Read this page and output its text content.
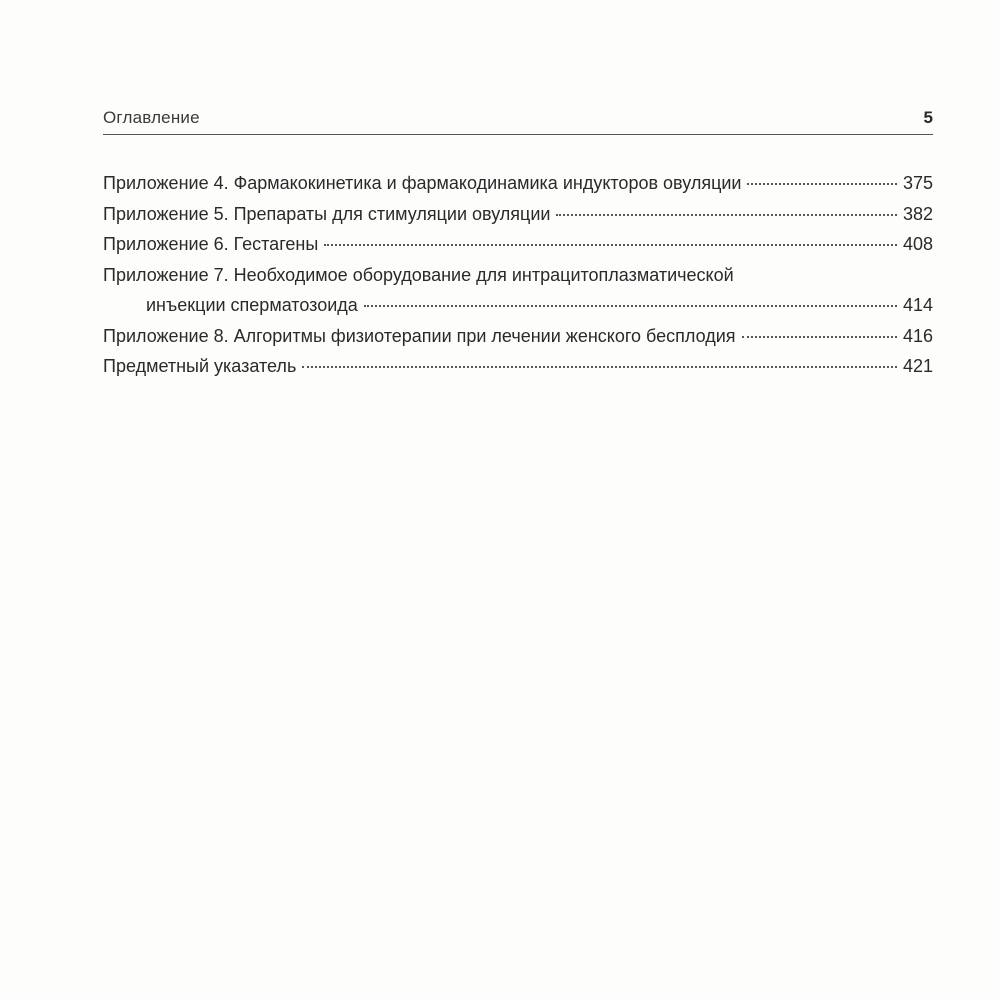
Оглавление	5
Приложение 4. Фармакокинетика и фармакодинамика индукторов овуляции	375
Приложение 5. Препараты для стимуляции овуляции	382
Приложение 6. Гестагены	408
Приложение 7. Необходимое оборудование для интрацитоплазматической
инъекции сперматозоида	414
Приложение 8. Алгоритмы физиотерапии при лечении женского бесплодия	416
Предметный указатель	421
